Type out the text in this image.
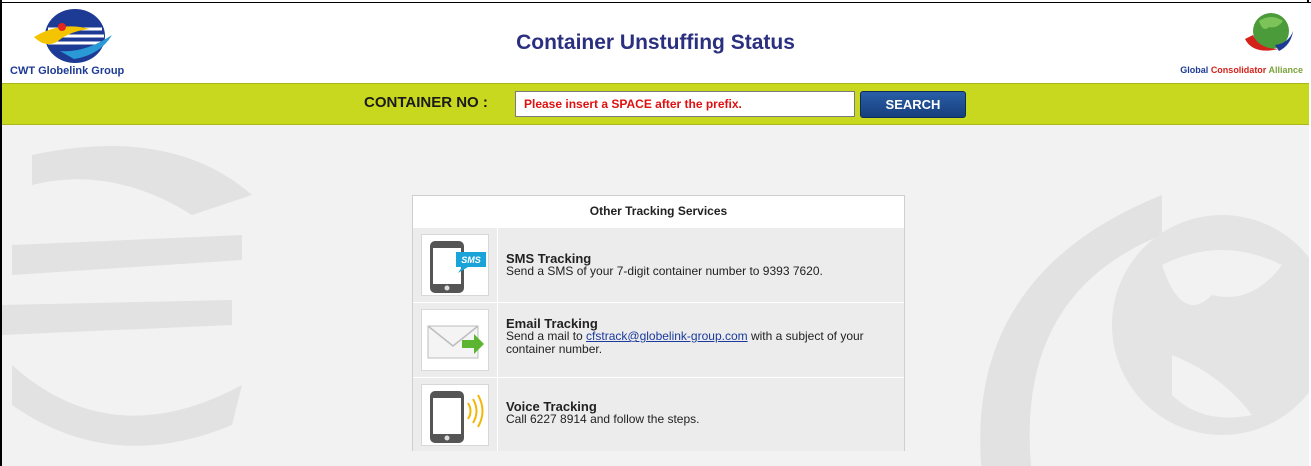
CWT Globelink Group
Container Unstuffing Status
Global Consolidator Alliance
CONTAINER NO :
Please insert a SPACE after the prefix.	SEARCH
Other Tracking Services
SMS SMS Tracking
Send a SMS of your 7-digit container number to 9393 7620.
Email Tracking
Send a mail to cfstrack@globelink-group.com with a subject of your container number.
Voice Tracking
Call 6227 8914 and follow the steps.
